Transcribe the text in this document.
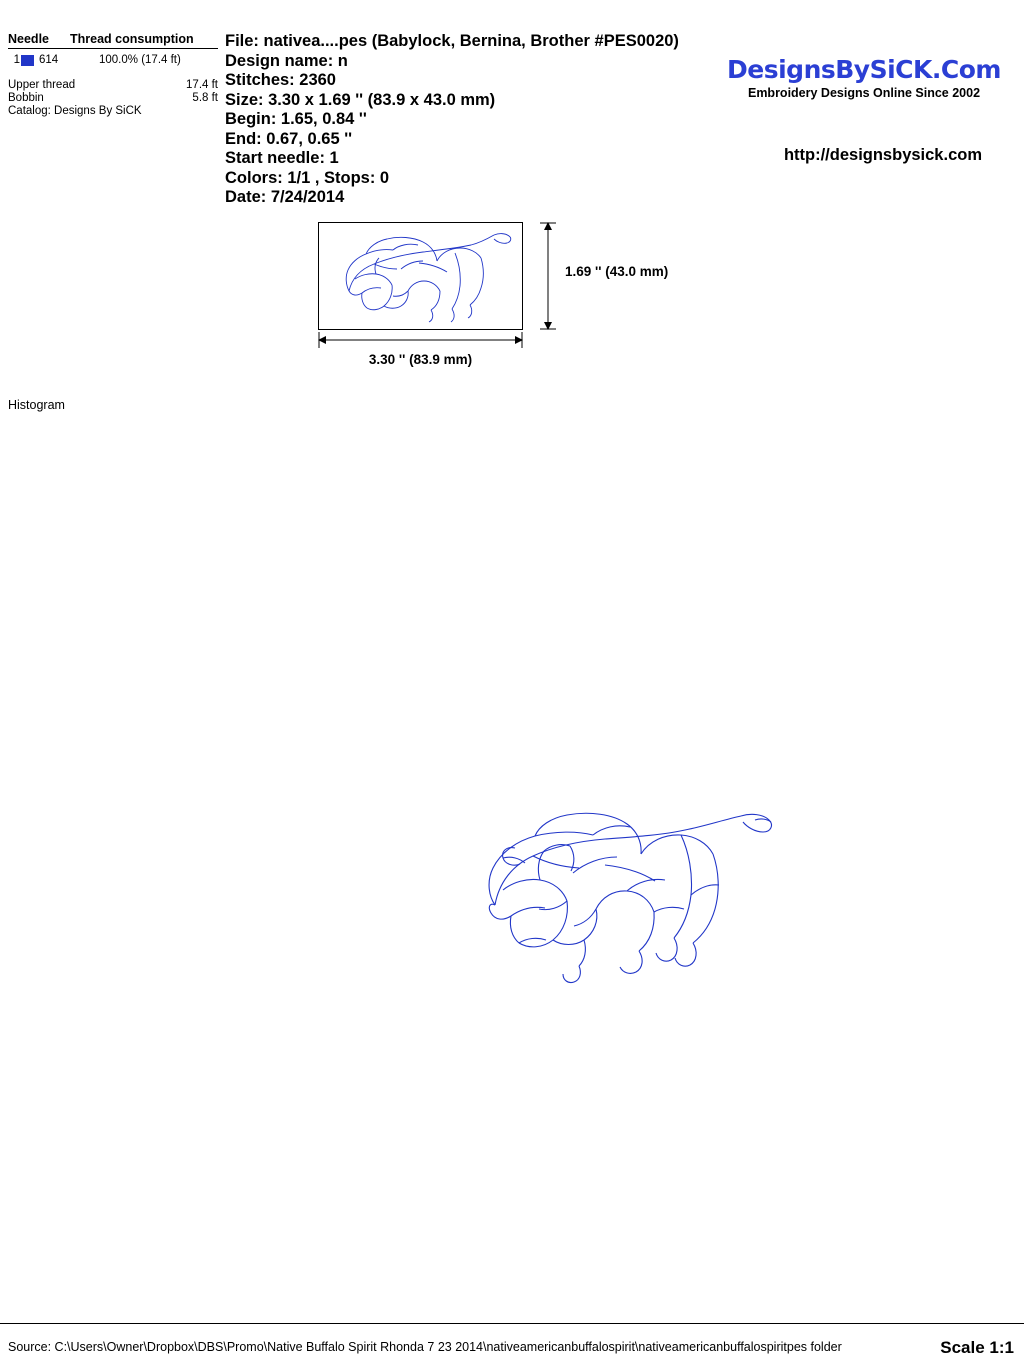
Needle	Thread consumption
1 614	100.0% (17.4 ft)
Upper thread	17.4 ft
Bobbin	5.8 ft
Catalog: Designs By SiCK
File: nativea....pes (Babylock, Bernina, Brother #PES0020)
Design name: n
Stitches: 2360
Size: 3.30 x 1.69 '' (83.9 x 43.0 mm)
Begin: 1.65, 0.84 ''
End: 0.67, 0.65 ''
Start needle: 1
Colors: 1/1 , Stops: 0
Date: 7/24/2014
DesignsBySiCK.Com
Embroidery Designs Online Since 2002
http://designsbysick.com
1.69 '' (43.0 mm)
3.30 '' (83.9 mm)
Histogram
Source: C:\Users\Owner\Dropbox\DBS\Promo\Native Buffalo Spirit Rhonda 7 23 2014\nativeamericanbuffalospirit\nativeamericanbuffalospiritpes folder	Scale 1:1
